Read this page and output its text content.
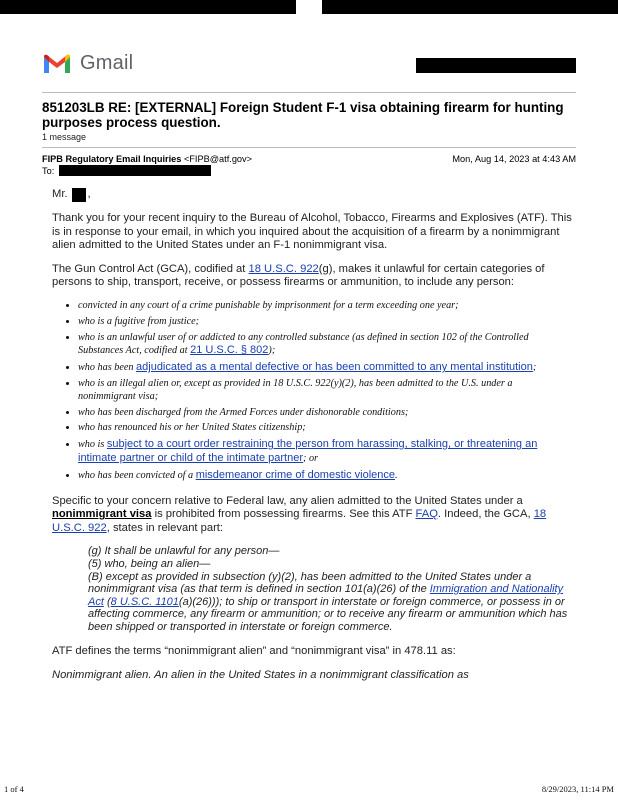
Gmail
851203LB RE: [EXTERNAL] Foreign Student F-1 visa obtaining firearm for hunting purposes process question.
1 message
FIPB Regulatory Email Inquiries <FIPB@atf.gov>	Mon, Aug 14, 2023 at 4:43 AM
To:

Mr. ,

Thank you for your recent inquiry to the Bureau of Alcohol, Tobacco, Firearms and Explosives (ATF). This is in response to your email, in which you inquired about the acquisition of a firearm by a nonimmigrant alien admitted to the United States under an F-1 nonimmigrant visa.

The Gun Control Act (GCA), codified at 18 U.S.C. 922(g), makes it unlawful for certain categories of persons to ship, transport, receive, or possess firearms or ammunition, to include any person:

• convicted in any court of a crime punishable by imprisonment for a term exceeding one year;
• who is a fugitive from justice;
• who is an unlawful user of or addicted to any controlled substance (as defined in section 102 of the Controlled Substances Act, codified at 21 U.S.C. § 802);
• who has been adjudicated as a mental defective or has been committed to any mental institution;
• who is an illegal alien or, except as provided in 18 U.S.C. 922(y)(2), has been admitted to the U.S. under a nonimmigrant visa;
• who has been discharged from the Armed Forces under dishonorable conditions;
• who has renounced his or her United States citizenship;
• who is subject to a court order restraining the person from harassing, stalking, or threatening an intimate partner or child of the intimate partner; or
• who has been convicted of a misdemeanor crime of domestic violence.

Specific to your concern relative to Federal law, any alien admitted to the United States under a nonimmigrant visa is prohibited from possessing firearms. See this ATF FAQ. Indeed, the GCA, 18 U.S.C. 922, states in relevant part:

(g) It shall be unlawful for any person—
(5) who, being an alien—
(B) except as provided in subsection (y)(2), has been admitted to the United States under a nonimmigrant visa (as that term is defined in section 101(a)(26) of the Immigration and Nationality Act (8 U.S.C. 1101(a)(26))); to ship or transport in interstate or foreign commerce, or possess in or affecting commerce, any firearm or ammunition; or to receive any firearm or ammunition which has been shipped or transported in interstate or foreign commerce.

ATF defines the terms “nonimmigrant alien” and “nonimmigrant visa” in 478.11 as:

Nonimmigrant alien. An alien in the United States in a nonimmigrant classification as

1 of 4	8/29/2023, 11:14 PM
